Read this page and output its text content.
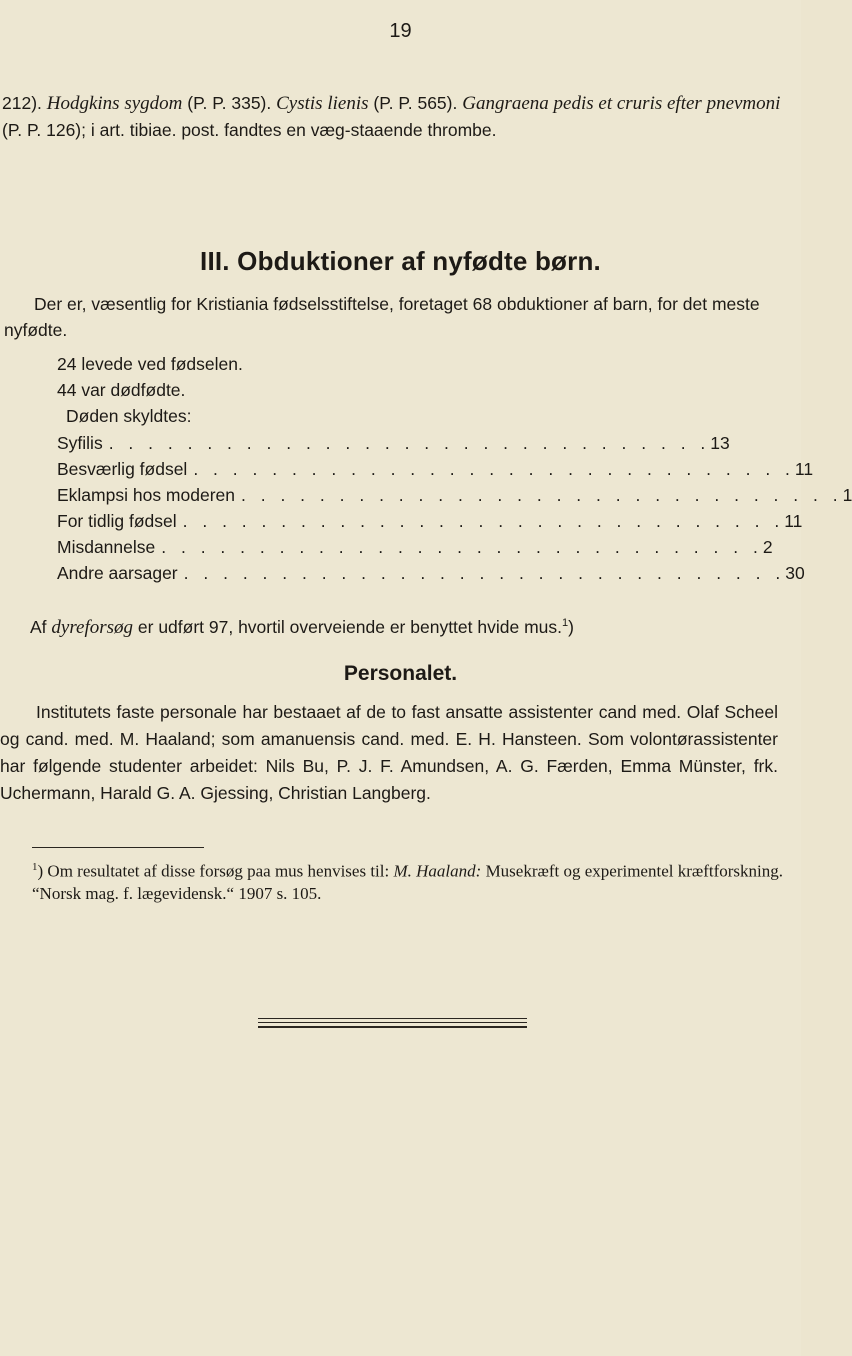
19

212). Hodgkins sygdom (P. P. 335). Cystis lienis (P. P. 565). Gangraena pedis et cruris efter pnevmoni (P. P. 126); i art. tibiae. post. fandtes en væg-staaende thrombe.

III. Obduktioner af nyfødte børn.

Der er, væsentlig for Kristiania fødselsstiftelse, foretaget 68 obduktioner af barn, for det meste nyfødte.

24 levede ved fødselen.
44 var dødfødte.
Døden skyldtes:
Syfilis . . . . . . . . . . . . . . . . . . . . . . . . . . . . . . . 13
Besværlig fødsel . . . . . . . . . . . . . . . . . . . . . . . . . . . . . . . 11
Eklampsi hos moderen . . . . . . . . . . . . . . . . . . . . . . . . . . . . . . . 1
For tidlig fødsel . . . . . . . . . . . . . . . . . . . . . . . . . . . . . . . 11
Misdannelse . . . . . . . . . . . . . . . . . . . . . . . . . . . . . . . 2
Andre aarsager . . . . . . . . . . . . . . . . . . . . . . . . . . . . . . . 30

Af dyreforsøg er udført 97, hvortil overveiende er benyttet hvide mus.$^1$)

Personalet.

Institutets faste personale har bestaaet af de to fast ansatte assistenter cand med. Olaf Scheel og cand. med. M. Haaland; som amanuensis cand. med. E. H. Hansteen. Som volontørassistenter har følgende studenter arbeidet: Nils Bu, P. J. F. Amundsen, A. G. Færden, Emma Münster, frk. Uchermann, Harald G. A. Gjessing, Christian Langberg.

$^1$) Om resultatet af disse forsøg paa mus henvises til: M. Haaland: Musekræft og experimentel kræftforskning. “Norsk mag. f. lægevidensk.“ 1907 s. 105.
